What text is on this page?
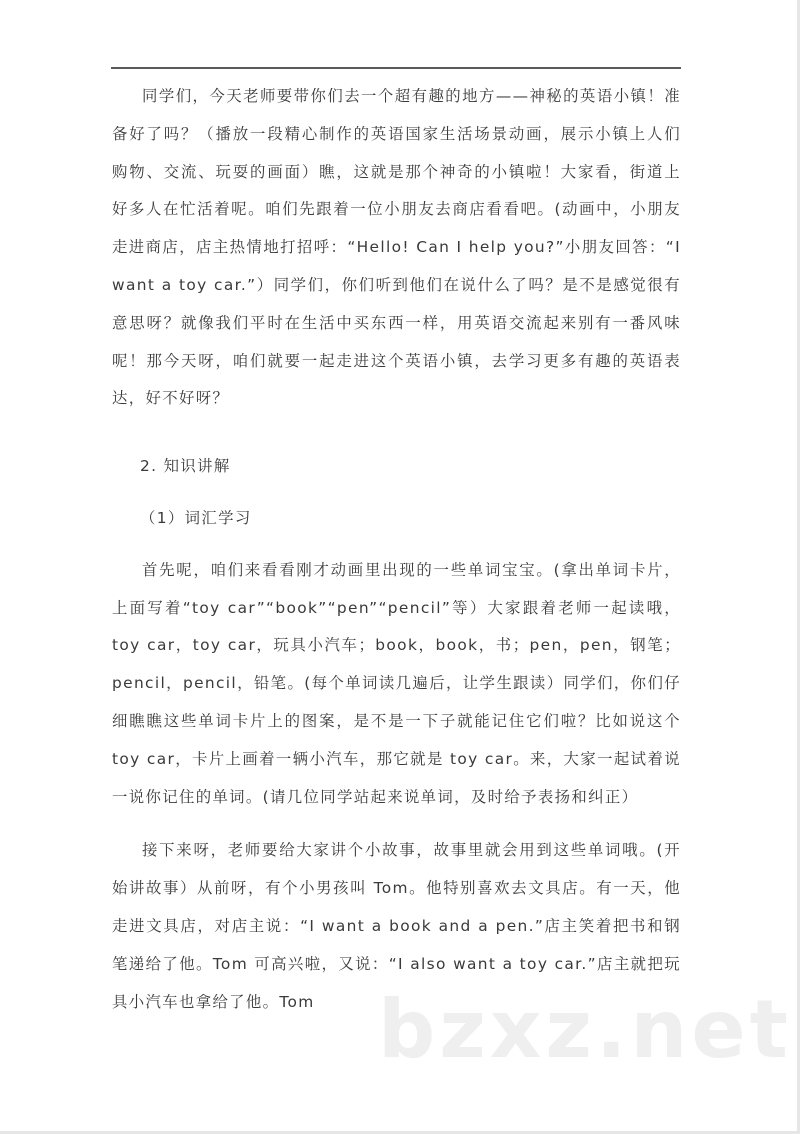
同学们，今天老师要带你们去一个超有趣的地方——神秘的英语小镇！准备好了吗？（播放一段精心制作的英语国家生活场景动画，展示小镇上人们购物、交流、玩耍的画面）瞧，这就是那个神奇的小镇啦！大家看，街道上好多人在忙活着呢。咱们先跟着一位小朋友去商店看看吧。(动画中，小朋友走进商店，店主热情地打招呼：“Hello! Can I help you?”小朋友回答：“I want a toy car.”）同学们，你们听到他们在说什么了吗？是不是感觉很有意思呀？就像我们平时在生活中买东西一样，用英语交流起来别有一番风味呢！那今天呀，咱们就要一起走进这个英语小镇，去学习更多有趣的英语表达，好不好呀？

2. 知识讲解

（1）词汇学习

首先呢，咱们来看看刚才动画里出现的一些单词宝宝。(拿出单词卡片，上面写着“toy car”“book”“pen”“pencil”等）大家跟着老师一起读哦，toy car，toy car，玩具小汽车；book，book，书；pen，pen，钢笔；pencil，pencil，铅笔。(每个单词读几遍后，让学生跟读）同学们，你们仔细瞧瞧这些单词卡片上的图案，是不是一下子就能记住它们啦？比如说这个 toy car，卡片上画着一辆小汽车，那它就是 toy car。来，大家一起试着说一说你记住的单词。(请几位同学站起来说单词，及时给予表扬和纠正）

接下来呀，老师要给大家讲个小故事，故事里就会用到这些单词哦。(开始讲故事）从前呀，有个小男孩叫 Tom。他特别喜欢去文具店。有一天，他走进文具店，对店主说：“I want a book and a pen.”店主笑着把书和钢笔递给了他。Tom 可高兴啦，又说：“I also want a toy car.”店主就把玩具小汽车也拿给了他。Tom bzxz.net
